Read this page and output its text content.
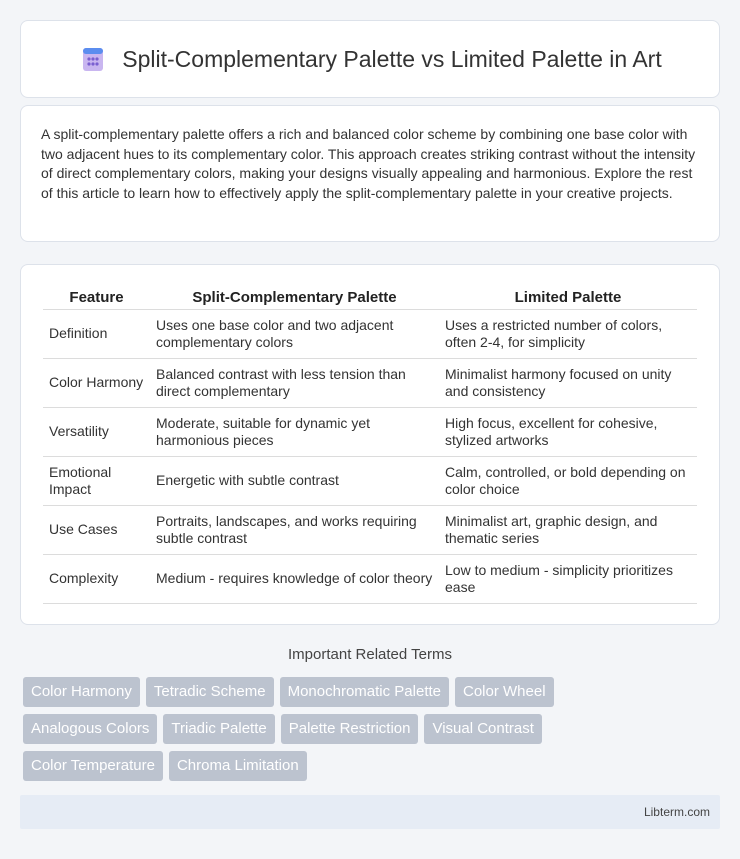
Split-Complementary Palette vs Limited Palette in Art

A split-complementary palette offers a rich and balanced color scheme by combining one base color with two adjacent hues to its complementary color. This approach creates striking contrast without the intensity of direct complementary colors, making your designs visually appealing and harmonious. Explore the rest of this article to learn how to effectively apply the split-complementary palette in your creative projects.

Feature	Split-Complementary Palette	Limited Palette
Definition	Uses one base color and two adjacent complementary colors	Uses a restricted number of colors, often 2-4, for simplicity
Color Harmony	Balanced contrast with less tension than direct complementary	Minimalist harmony focused on unity and consistency
Versatility	Moderate, suitable for dynamic yet harmonious pieces	High focus, excellent for cohesive, stylized artworks
Emotional Impact	Energetic with subtle contrast	Calm, controlled, or bold depending on color choice
Use Cases	Portraits, landscapes, and works requiring subtle contrast	Minimalist art, graphic design, and thematic series
Complexity	Medium - requires knowledge of color theory	Low to medium - simplicity prioritizes ease
Important Related Terms
Color Harmony	Tetradic Scheme	Monochromatic Palette	Color Wheel
Analogous Colors	Triadic Palette	Palette Restriction	Visual Contrast
Color Temperature	Chroma Limitation
Libterm.com
